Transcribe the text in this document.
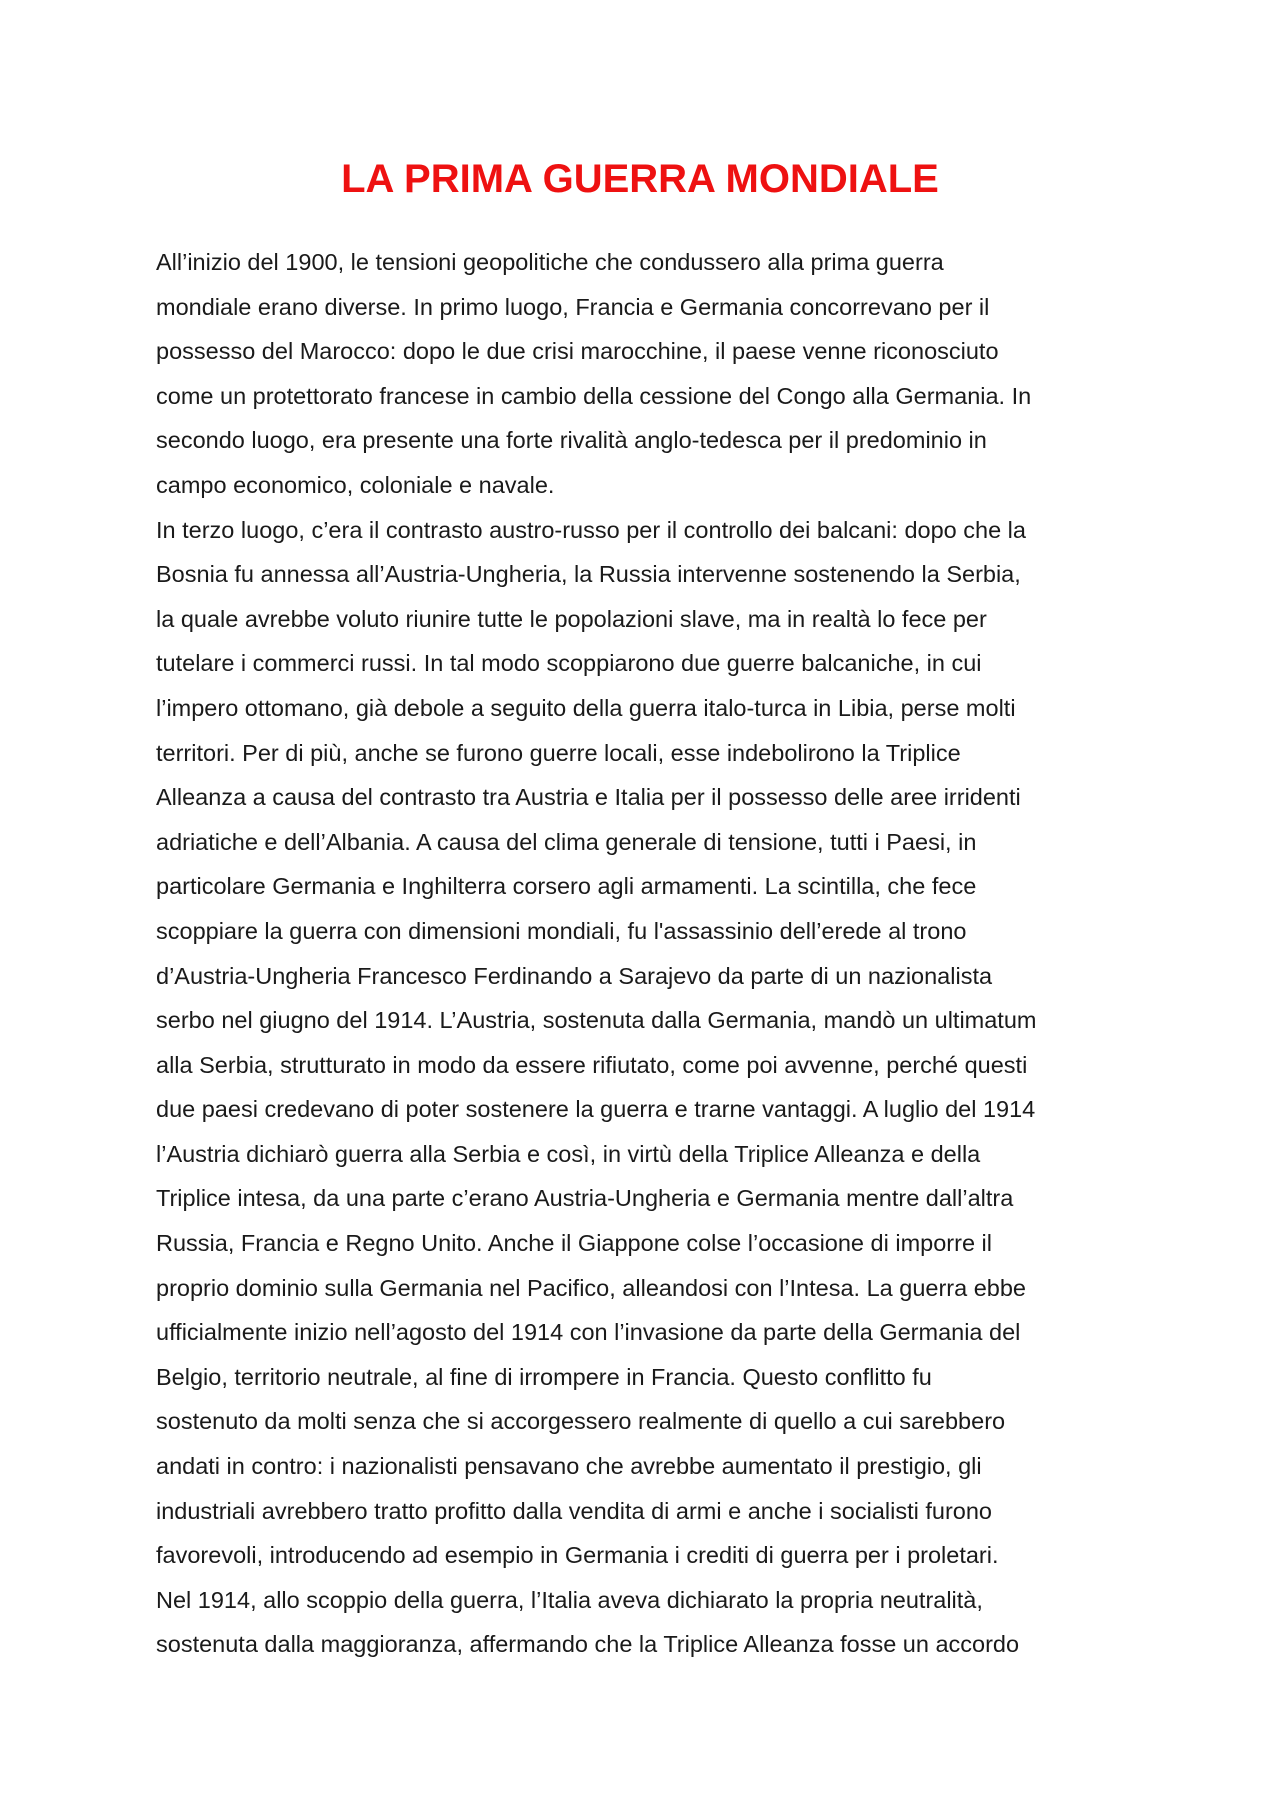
LA PRIMA GUERRA MONDIALE
All’inizio del 1900, le tensioni geopolitiche che condussero alla prima guerra
mondiale erano diverse. In primo luogo, Francia e Germania concorrevano per il
possesso del Marocco: dopo le due crisi marocchine, il paese venne riconosciuto
come un protettorato francese in cambio della cessione del Congo alla Germania. In
secondo luogo, era presente una forte rivalità anglo-tedesca per il predominio in
campo economico, coloniale e navale.
In terzo luogo, c’era il contrasto austro-russo per il controllo dei balcani: dopo che la
Bosnia fu annessa all’Austria-Ungheria, la Russia intervenne sostenendo la Serbia,
la quale avrebbe voluto riunire tutte le popolazioni slave, ma in realtà lo fece per
tutelare i commerci russi. In tal modo scoppiarono due guerre balcaniche, in cui
l’impero ottomano, già debole a seguito della guerra italo-turca in Libia, perse molti
territori. Per di più, anche se furono guerre locali, esse indebolirono la Triplice
Alleanza a causa del contrasto tra Austria e Italia per il possesso delle aree irridenti
adriatiche e dell’Albania. A causa del clima generale di tensione, tutti i Paesi, in
particolare Germania e Inghilterra corsero agli armamenti. La scintilla, che fece
scoppiare la guerra con dimensioni mondiali, fu l'assassinio dell’erede al trono
d’Austria-Ungheria Francesco Ferdinando a Sarajevo da parte di un nazionalista
serbo nel giugno del 1914. L’Austria, sostenuta dalla Germania, mandò un ultimatum
alla Serbia, strutturato in modo da essere rifiutato, come poi avvenne, perché questi
due paesi credevano di poter sostenere la guerra e trarne vantaggi. A luglio del 1914
l’Austria dichiarò guerra alla Serbia e così, in virtù della Triplice Alleanza e della
Triplice intesa, da una parte c’erano Austria-Ungheria e Germania mentre dall’altra
Russia, Francia e Regno Unito. Anche il Giappone colse l’occasione di imporre il
proprio dominio sulla Germania nel Pacifico, alleandosi con l’Intesa. La guerra ebbe
ufficialmente inizio nell’agosto del 1914 con l’invasione da parte della Germania del
Belgio, territorio neutrale, al fine di irrompere in Francia. Questo conflitto fu
sostenuto da molti senza che si accorgessero realmente di quello a cui sarebbero
andati in contro: i nazionalisti pensavano che avrebbe aumentato il prestigio, gli
industriali avrebbero tratto profitto dalla vendita di armi e anche i socialisti furono
favorevoli, introducendo ad esempio in Germania i crediti di guerra per i proletari.
Nel 1914, allo scoppio della guerra, l’Italia aveva dichiarato la propria neutralità,
sostenuta dalla maggioranza, affermando che la Triplice Alleanza fosse un accordo
